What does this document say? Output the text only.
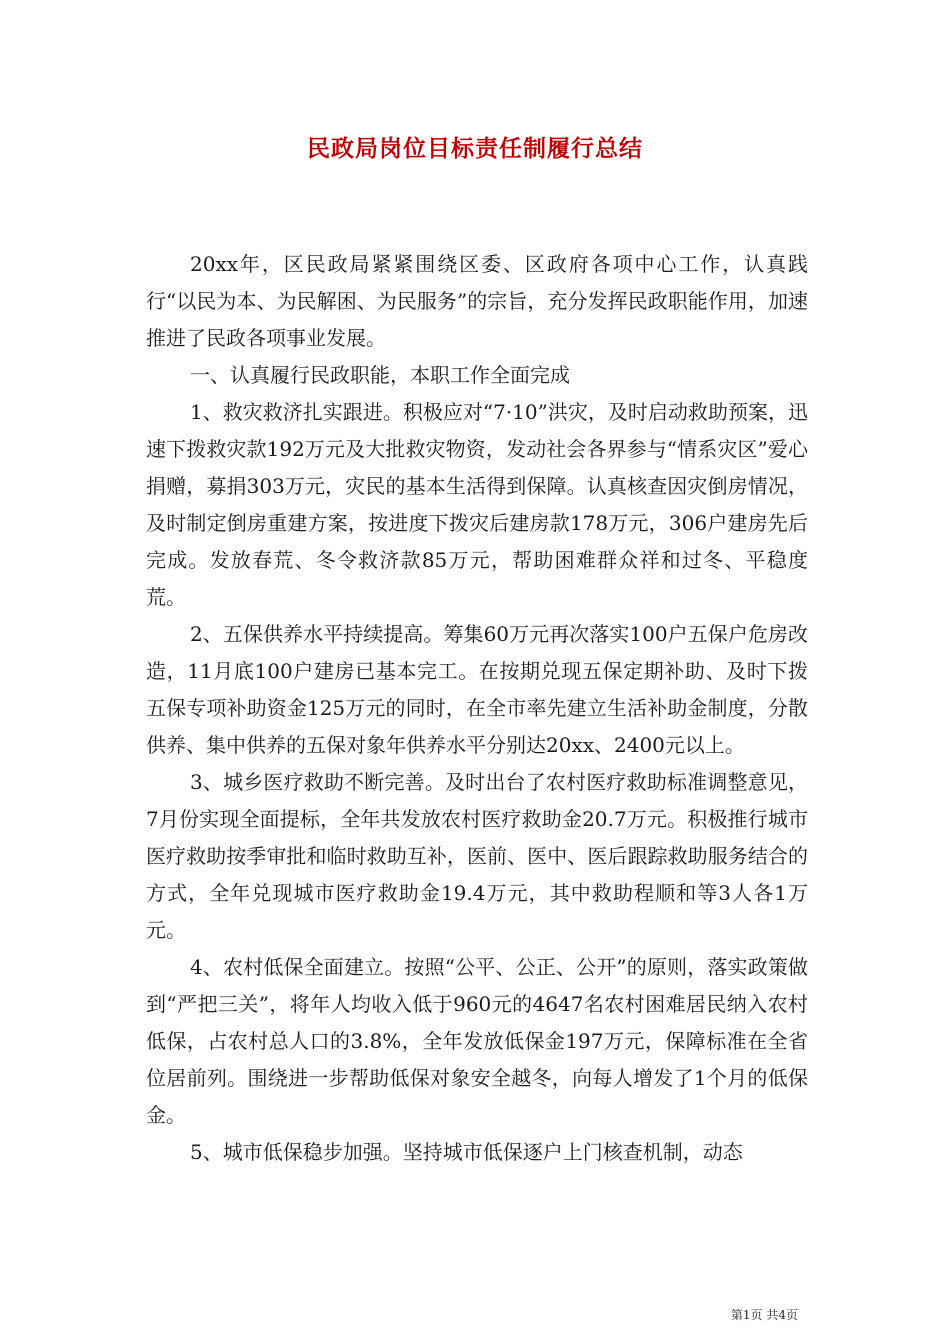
民政局岗位目标责任制履行总结

20xx年，区民政局紧紧围绕区委、区政府各项中心工作，认真践行“以民为本、为民解困、为民服务”的宗旨，充分发挥民政职能作用，加速推进了民政各项事业发展。

一、认真履行民政职能，本职工作全面完成

1、救灾救济扎实跟进。积极应对“7·10”洪灾，及时启动救助预案，迅速下拨救灾款192万元及大批救灾物资，发动社会各界参与“情系灾区”爱心捐赠，募捐303万元，灾民的基本生活得到保障。认真核查因灾倒房情况，及时制定倒房重建方案，按进度下拨灾后建房款178万元，306户建房先后完成。发放春荒、冬令救济款85万元，帮助困难群众祥和过冬、平稳度荒。

2、五保供养水平持续提高。筹集60万元再次落实100户五保户危房改造，11月底100户建房已基本完工。在按期兑现五保定期补助、及时下拨五保专项补助资金125万元的同时，在全市率先建立生活补助金制度，分散供养、集中供养的五保对象年供养水平分别达20xx、2400元以上。

3、城乡医疗救助不断完善。及时出台了农村医疗救助标准调整意见，7月份实现全面提标，全年共发放农村医疗救助金20.7万元。积极推行城市医疗救助按季审批和临时救助互补，医前、医中、医后跟踪救助服务结合的方式，全年兑现城市医疗救助金19.4万元，其中救助程顺和等3人各1万元。

4、农村低保全面建立。按照“公平、公正、公开”的原则，落实政策做到“严把三关”，将年人均收入低于960元的4647名农村困难居民纳入农村低保，占农村总人口的3.8%，全年发放低保金197万元，保障标准在全省位居前列。围绕进一步帮助低保对象安全越冬，向每人增发了1个月的低保金。

5、城市低保稳步加强。坚持城市低保逐户上门核查机制，动态

第1页 共4页
